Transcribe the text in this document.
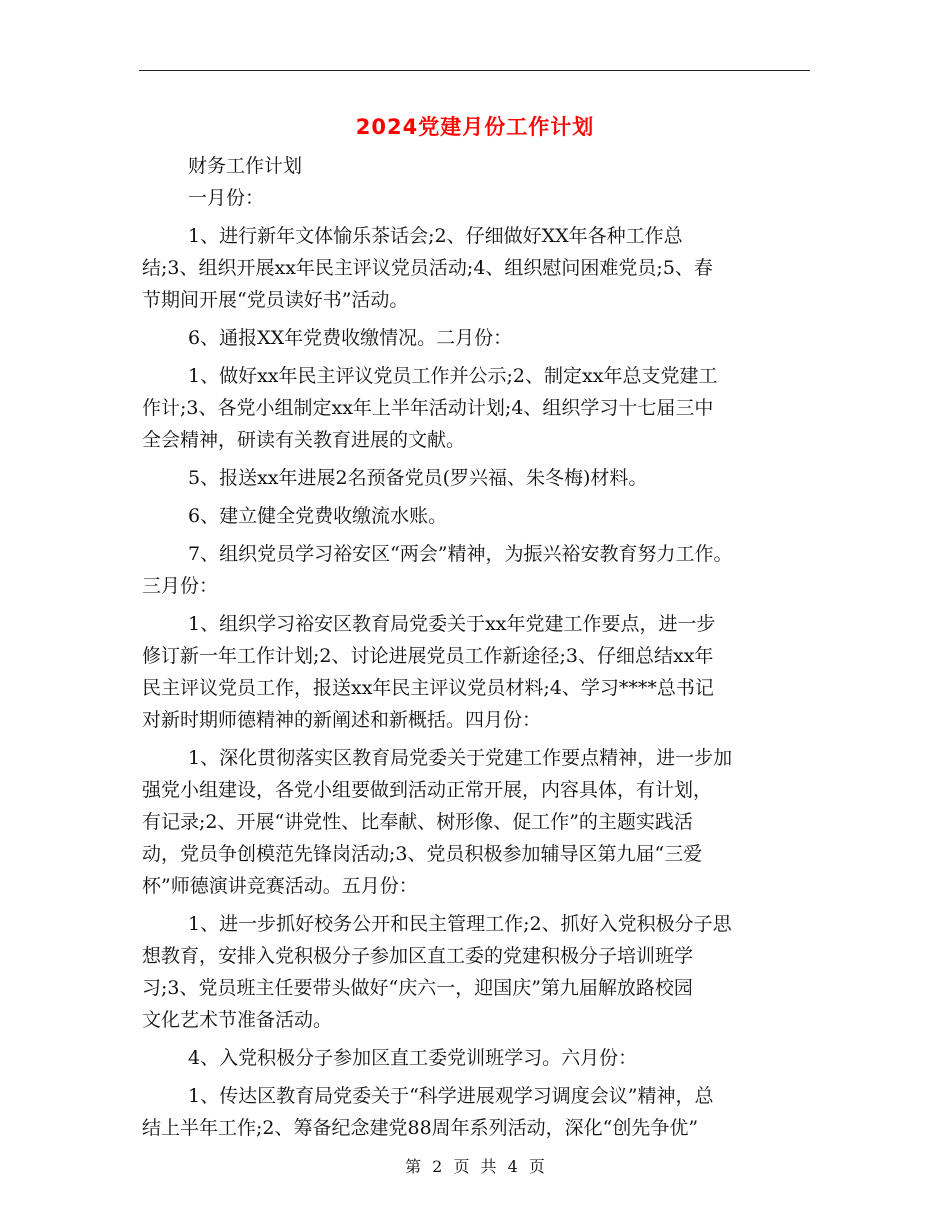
2024党建月份工作计划
财务工作计划
一月份：
1、进行新年文体愉乐茶话会;2、仔细做好XX年各种工作总
结;3、组织开展xx年民主评议党员活动;4、组织慰问困难党员;5、春
节期间开展“党员读好书”活动。
6、通报XX年党费收缴情况。二月份：
1、做好xx年民主评议党员工作并公示;2、制定xx年总支党建工
作计;3、各党小组制定xx年上半年活动计划;4、组织学习十七届三中
全会精神，研读有关教育进展的文献。
5、报送xx年进展2名预备党员(罗兴福、朱冬梅)材料。
6、建立健全党费收缴流水账。
7、组织党员学习裕安区“两会”精神，为振兴裕安教育努力工作。
三月份：
1、组织学习裕安区教育局党委关于xx年党建工作要点，进一步
修订新一年工作计划;2、讨论进展党员工作新途径;3、仔细总结xx年
民主评议党员工作，报送xx年民主评议党员材料;4、学习****总书记
对新时期师德精神的新阐述和新概括。四月份：
1、深化贯彻落实区教育局党委关于党建工作要点精神，进一步加
强党小组建设，各党小组要做到活动正常开展，内容具体，有计划，
有记录;2、开展“讲党性、比奉献、树形像、促工作”的主题实践活
动，党员争创模范先锋岗活动;3、党员积极参加辅导区第九届“三爱
杯”师德演讲竞赛活动。五月份：
1、进一步抓好校务公开和民主管理工作;2、抓好入党积极分子思
想教育，安排入党积极分子参加区直工委的党建积极分子培训班学
习;3、党员班主任要带头做好“庆六一，迎国庆”第九届解放路校园
文化艺术节准备活动。
4、入党积极分子参加区直工委党训班学习。六月份：
1、传达区教育局党委关于“科学进展观学习调度会议”精神，总
结上半年工作;2、筹备纪念建党88周年系列活动，深化“创先争优”
第 2 页 共 4 页
